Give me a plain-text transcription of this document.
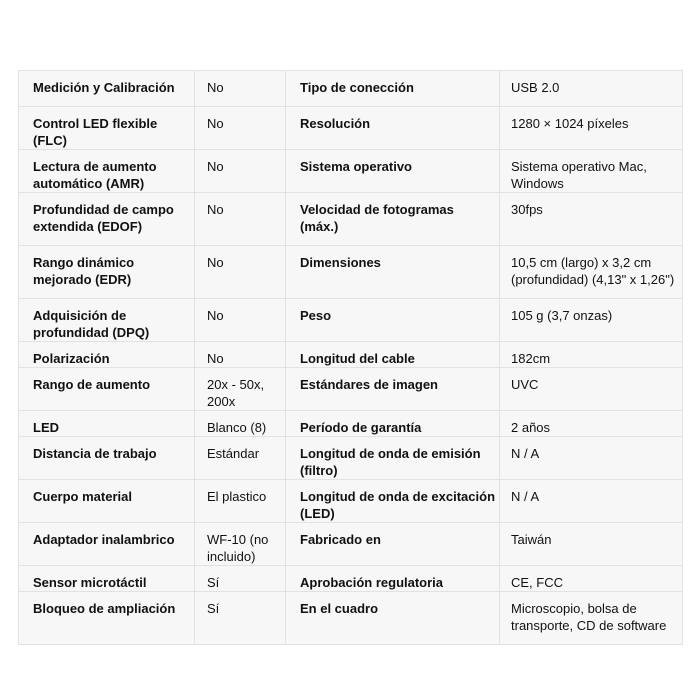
Medición y Calibración	No	Tipo de conección	USB 2.0
Control LED flexible (FLC)	No	Resolución	1280 × 1024 píxeles
Lectura de aumento automático (AMR)	No	Sistema operativo	Sistema operativo Mac, Windows
Profundidad de campo extendida (EDOF)	No	Velocidad de fotogramas (máx.)	30fps
Rango dinámico mejorado (EDR)	No	Dimensiones	10,5 cm (largo) x 3,2 cm (profundidad) (4,13" x 1,26")
Adquisición de profundidad (DPQ)	No	Peso	105 g (3,7 onzas)
Polarización	No	Longitud del cable	182cm
Rango de aumento	20x - 50x, 200x	Estándares de imagen	UVC
LED	Blanco (8)	Período de garantía	2 años
Distancia de trabajo	Estándar	Longitud de onda de emisión (filtro)	N / A
Cuerpo material	El plastico	Longitud de onda de excitación (LED)	N / A
Adaptador inalambrico	WF-10 (no incluido)	Fabricado en	Taiwán
Sensor microtáctil	Sí	Aprobación regulatoria	CE, FCC
Bloqueo de ampliación	Sí	En el cuadro	Microscopio, bolsa de transporte, CD de software
